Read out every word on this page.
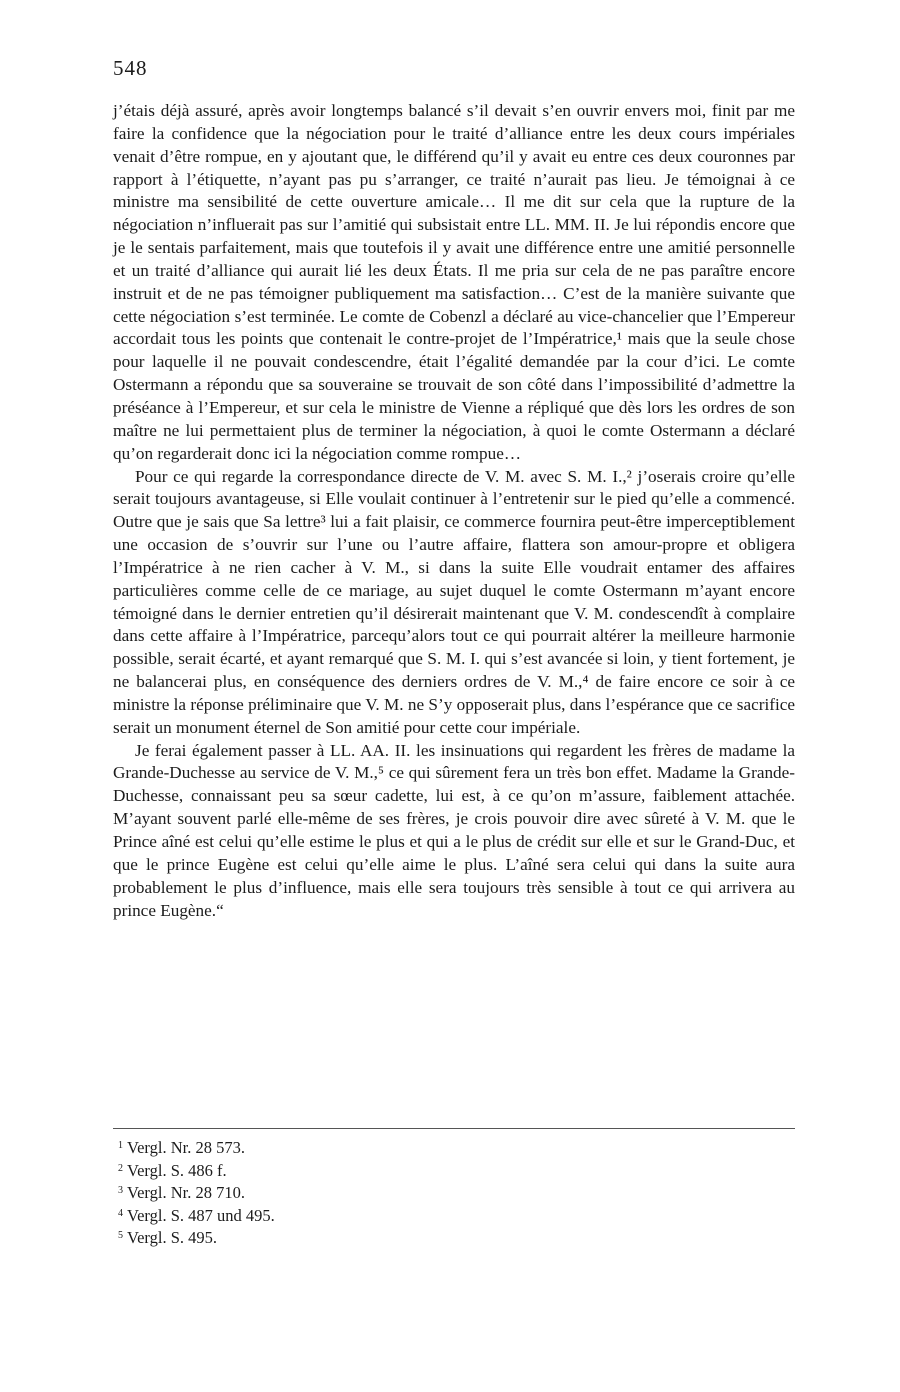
548

j’étais déjà assuré, après avoir longtemps balancé s’il devait s’en ouvrir envers moi, finit par me faire la confidence que la négociation pour le traité d’alliance entre les deux cours impériales venait d’être rompue, en y ajoutant que, le différend qu’il y avait eu entre ces deux couronnes par rapport à l’étiquette, n’ayant pas pu s’arranger, ce traité n’aurait pas lieu. Je témoignai à ce ministre ma sensibilité de cette ouverture amicale… Il me dit sur cela que la rupture de la négociation n’influerait pas sur l’amitié qui subsistait entre LL. MM. II. Je lui répondis encore que je le sentais parfaitement, mais que toutefois il y avait une différence entre une amitié personnelle et un traité d’alliance qui aurait lié les deux États. Il me pria sur cela de ne pas paraître encore instruit et de ne pas témoigner publiquement ma satisfaction… C’est de la manière suivante que cette négociation s’est terminée. Le comte de Cobenzl a déclaré au vice-chancelier que l’Empereur accordait tous les points que contenait le contre-projet de l’Impératrice,¹ mais que la seule chose pour laquelle il ne pouvait condescendre, était l’égalité demandée par la cour d’ici. Le comte Ostermann a répondu que sa souveraine se trouvait de son côté dans l’impossibilité d’admettre la préséance à l’Empereur, et sur cela le ministre de Vienne a répliqué que dès lors les ordres de son maître ne lui permettaient plus de terminer la négociation, à quoi le comte Ostermann a déclaré qu’on regarderait donc ici la négociation comme rompue…

Pour ce qui regarde la correspondance directe de V. M. avec S. M. I.,² j’oserais croire qu’elle serait toujours avantageuse, si Elle voulait continuer à l’entretenir sur le pied qu’elle a commencé. Outre que je sais que Sa lettre³ lui a fait plaisir, ce commerce fournira peut-être imperceptiblement une occasion de s’ouvrir sur l’une ou l’autre affaire, flattera son amour-propre et obligera l’Impératrice à ne rien cacher à V. M., si dans la suite Elle voudrait entamer des affaires particulières comme celle de ce mariage, au sujet duquel le comte Ostermann m’ayant encore témoigné dans le dernier entretien qu’il désirerait maintenant que V. M. condescendît à complaire dans cette affaire à l’Impératrice, parcequ’alors tout ce qui pourrait altérer la meilleure harmonie possible, serait écarté, et ayant remarqué que S. M. I. qui s’est avancée si loin, y tient fortement, je ne balancerai plus, en conséquence des derniers ordres de V. M.,⁴ de faire encore ce soir à ce ministre la réponse préliminaire que V. M. ne S’y opposerait plus, dans l’espérance que ce sacrifice serait un monument éternel de Son amitié pour cette cour impériale.

Je ferai également passer à LL. AA. II. les insinuations qui regardent les frères de madame la Grande-Duchesse au service de V. M.,⁵ ce qui sûrement fera un très bon effet. Madame la Grande-Duchesse, connaissant peu sa sœur cadette, lui est, à ce qu’on m’assure, faiblement attachée. M’ayant souvent parlé elle-même de ses frères, je crois pouvoir dire avec sûreté à V. M. que le Prince aîné est celui qu’elle estime le plus et qui a le plus de crédit sur elle et sur le Grand-Duc, et que le prince Eugène est celui qu’elle aime le plus. L’aîné sera celui qui dans la suite aura probablement le plus d’influence, mais elle sera toujours très sensible à tout ce qui arrivera au prince Eugène.“

$^1$ Vergl. Nr. 28 573.
$^2$ Vergl. S. 486 f.
$^3$ Vergl. Nr. 28 710.
$^4$ Vergl. S. 487 und 495.
$^5$ Vergl. S. 495.
